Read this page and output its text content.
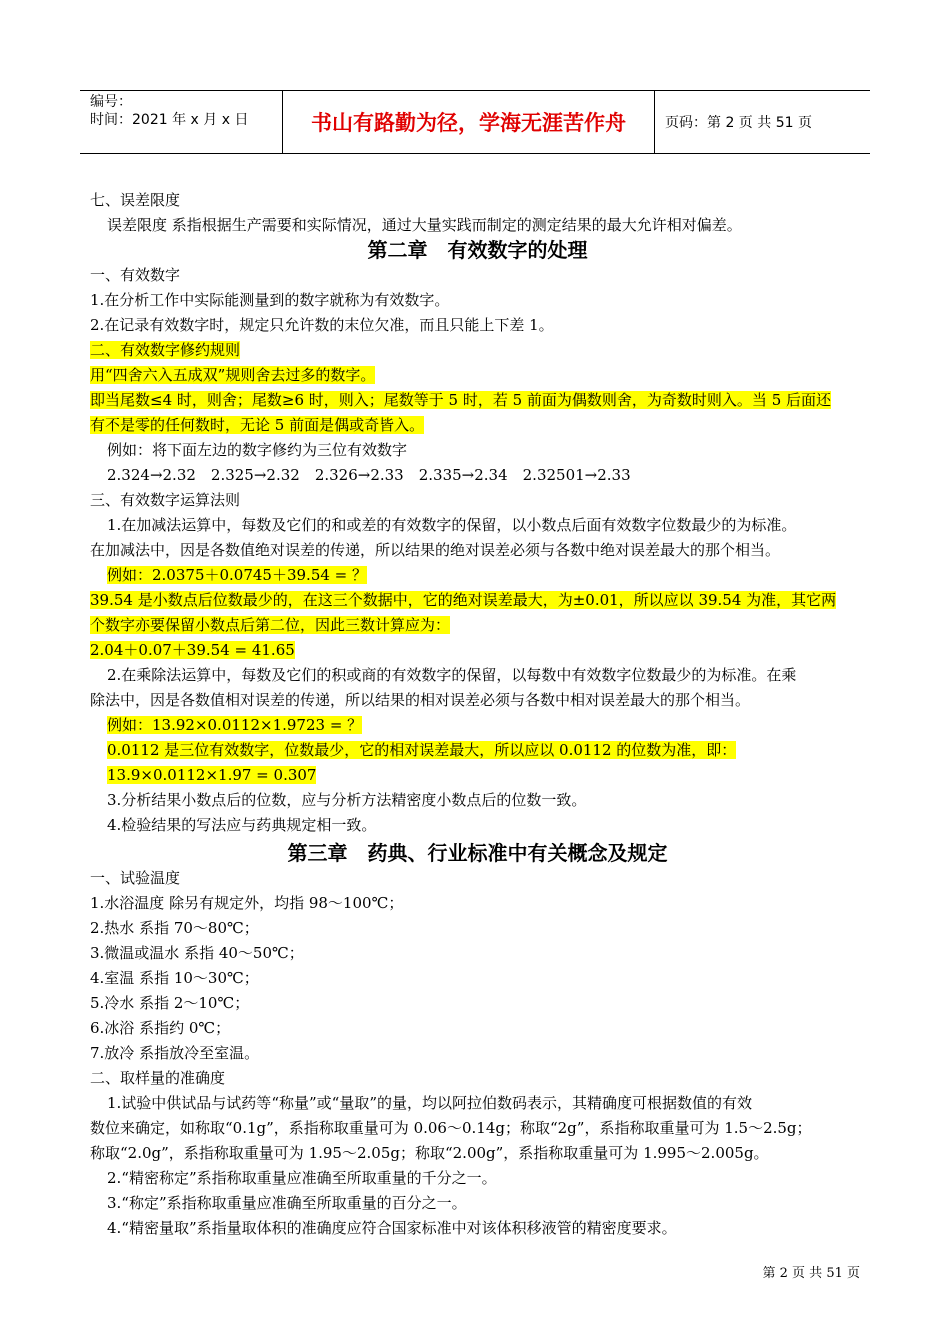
编号：
时间：2021 年 x 月 x 日	书山有路勤为径，学海无涯苦作舟	页码：第 2 页 共 51 页
七、误差限度
误差限度 系指根据生产需要和实际情况，通过大量实践而制定的测定结果的最大允许相对偏差。
第二章　有效数字的处理
一、有效数字
1.在分析工作中实际能测量到的数字就称为有效数字。
2.在记录有效数字时，规定只允许数的末位欠准，而且只能上下差 1。
二、有效数字修约规则
用“四舍六入五成双”规则舍去过多的数字。
即当尾数≤4 时，则舍；尾数≥6 时，则入；尾数等于 5 时，若 5 前面为偶数则舍，为奇数时则入。当 5 后面还
有不是零的任何数时，无论 5 前面是偶或奇皆入。
例如：将下面左边的数字修约为三位有效数字
2.324→2.32　2.325→2.32　2.326→2.33　2.335→2.34　2.32501→2.33
三、有效数字运算法则
1.在加减法运算中，每数及它们的和或差的有效数字的保留，以小数点后面有效数字位数最少的为标准。
在加减法中，因是各数值绝对误差的传递，所以结果的绝对误差必须与各数中绝对误差最大的那个相当。
例如：2.0375＋0.0745＋39.54 = ？
39.54 是小数点后位数最少的，在这三个数据中，它的绝对误差最大，为±0.01，所以应以 39.54 为准，其它两
个数字亦要保留小数点后第二位，因此三数计算应为：
2.04＋0.07＋39.54 = 41.65
2.在乘除法运算中，每数及它们的积或商的有效数字的保留，以每数中有效数字位数最少的为标准。在乘
除法中，因是各数值相对误差的传递，所以结果的相对误差必须与各数中相对误差最大的那个相当。
例如：13.92×0.0112×1.9723 = ？
0.0112 是三位有效数字，位数最少，它的相对误差最大，所以应以 0.0112 的位数为准，即：
13.9×0.0112×1.97 = 0.307
3.分析结果小数点后的位数，应与分析方法精密度小数点后的位数一致。
4.检验结果的写法应与药典规定相一致。
第三章　药典、行业标准中有关概念及规定
一、试验温度
1.水浴温度 除另有规定外，均指 98～100℃；
2.热水 系指 70～80℃；
3.微温或温水 系指 40～50℃；
4.室温 系指 10～30℃；
5.冷水 系指 2～10℃；
6.冰浴 系指约 0℃；
7.放冷 系指放冷至室温。
二、取样量的准确度
1.试验中供试品与试药等“称量”或“量取”的量，均以阿拉伯数码表示，其精确度可根据数值的有效
数位来确定，如称取“0.1g”，系指称取重量可为 0.06～0.14g；称取“2g”，系指称取重量可为 1.5～2.5g；
称取“2.0g”，系指称取重量可为 1.95～2.05g；称取“2.00g”，系指称取重量可为 1.995～2.005g。
2.“精密称定”系指称取重量应准确至所取重量的千分之一。
3.“称定”系指称取重量应准确至所取重量的百分之一。
4.“精密量取”系指量取体积的准确度应符合国家标准中对该体积移液管的精密度要求。
第 2 页 共 51 页
